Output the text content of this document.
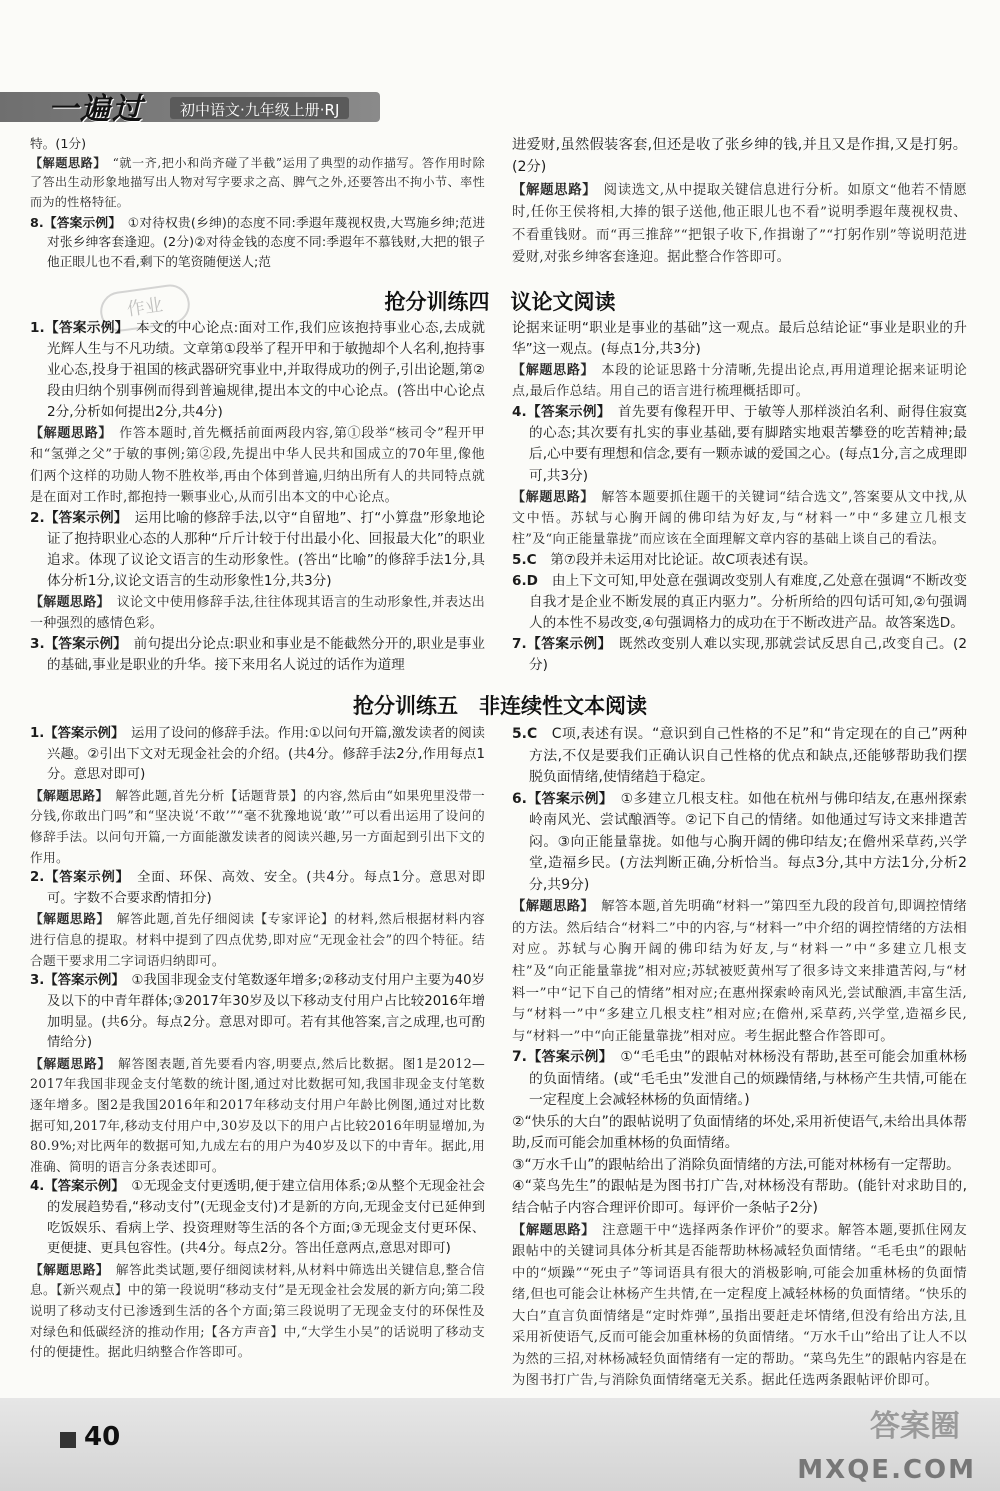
一遍过	初中语文·九年级上册·RJ
特。(1分)
【解题思路】　“就一齐,把小和尚齐碰了半截”运用了典型的动作描写。答作用时除了答出生动形象地描写出人物对写字要求之高、脾气之外,还要答出不拘小节、率性而为的性格特征。
8.【答案示例】　①对待权贵(乡绅)的态度不同:季遐年蔑视权贵,大骂施乡绅;范进对张乡绅客套逢迎。(2分)②对待金钱的态度不同:季遐年不慕钱财,大把的银子他正眼儿也不看,剩下的笔资随便送人;范
进爱财,虽然假装客套,但还是收了张乡绅的钱,并且又是作揖,又是打躬。(2分)
【解题思路】　阅读选文,从中提取关键信息进行分析。如原文“他若不情愿时,任你王侯将相,大捧的银子送他,他正眼儿也不看”说明季遐年蔑视权贵、不看重钱财。而“再三推辞”“把银子收下,作揖谢了”“打躬作别”等说明范进爱财,对张乡绅客套逢迎。据此整合作答即可。
抢分训练四　议论文阅读
作业
1.【答案示例】　本文的中心论点:面对工作,我们应该抱持事业心态,去成就光辉人生与不凡功绩。文章第①段举了程开甲和于敏抛却个人名利,抱持事业心态,投身于祖国的核武器研究事业中,并取得成功的例子,引出论题,第②段由归纳个别事例而得到普遍规律,提出本文的中心论点。(答出中心论点2分,分析如何提出2分,共4分)
【解题思路】　作答本题时,首先概括前面两段内容,第①段举“核司令”程开甲和“氢弹之父”于敏的事例;第②段,先提出中华人民共和国成立的70年里,像他们两个这样的功勋人物不胜枚举,再由个体到普遍,归纳出所有人的共同特点就是在面对工作时,都抱持一颗事业心,从而引出本文的中心论点。
2.【答案示例】　运用比喻的修辞手法,以守“自留地”、打“小算盘”形象地论证了抱持职业心态的人那种“斤斤计较于付出最小化、回报最大化”的职业追求。体现了议论文语言的生动形象性。(答出“比喻”的修辞手法1分,具体分析1分,议论文语言的生动形象性1分,共3分)
【解题思路】　议论文中使用修辞手法,往往体现其语言的生动形象性,并表达出一种强烈的感情色彩。
3.【答案示例】　前句提出分论点:职业和事业是不能截然分开的,职业是事业的基础,事业是职业的升华。接下来用名人说过的话作为道理
论据来证明“职业是事业的基础”这一观点。最后总结论证“事业是职业的升华”这一观点。(每点1分,共3分)
【解题思路】　本段的论证思路十分清晰,先提出论点,再用道理论据来证明论点,最后作总结。用自己的语言进行梳理概括即可。
4.【答案示例】　首先要有像程开甲、于敏等人那样淡泊名利、耐得住寂寞的心态;其次要有扎实的事业基础,要有脚踏实地艰苦攀登的吃苦精神;最后,心中要有理想和信念,要有一颗赤诚的爱国之心。(每点1分,言之成理即可,共3分)
【解题思路】　解答本题要抓住题干的关键词“结合选文”,答案要从文中找,从文中悟。苏轼与心胸开阔的佛印结为好友,与“材料一”中“多建立几根支柱”及“向正能量靠拢”而应该在全面理解文章内容的基础上谈自己的看法。
5.C　第⑦段并未运用对比论证。故C项表述有误。
6.D　由上下文可知,甲处意在强调改变别人有难度,乙处意在强调“不断改变自我才是企业不断发展的真正内驱力”。分析所给的四句话可知,②句强调人的本性不易改变,④句强调格力的成功在于不断改进产品。故答案选D。
7.【答案示例】　既然改变别人难以实现,那就尝试反思自己,改变自己。(2分)
抢分训练五　非连续性文本阅读
1.【答案示例】　运用了设问的修辞手法。作用:①以问句开篇,激发读者的阅读兴趣。②引出下文对无现金社会的介绍。(共4分。修辞手法2分,作用每点1分。意思对即可)
【解题思路】　解答此题,首先分析【话题背景】的内容,然后由“如果兜里没带一分钱,你敢出门吗”和“坚决说‘不敢’”“毫不犹豫地说‘敢’”可以看出运用了设问的修辞手法。以问句开篇,一方面能激发读者的阅读兴趣,另一方面起到引出下文的作用。
2.【答案示例】　全面、环保、高效、安全。(共4分。每点1分。意思对即可。字数不合要求酌情扣分)
【解题思路】　解答此题,首先仔细阅读【专家评论】的材料,然后根据材料内容进行信息的提取。材料中提到了四点优势,即对应“无现金社会”的四个特征。结合题干要求用二字词语归纳即可。
3.【答案示例】　①我国非现金支付笔数逐年增多;②移动支付用户主要为40岁及以下的中青年群体;③2017年30岁及以下移动支付用户占比较2016年增加明显。(共6分。每点2分。意思对即可。若有其他答案,言之成理,也可酌情给分)
【解题思路】　解答图表题,首先要看内容,明要点,然后比数据。图1是2012—2017年我国非现金支付笔数的统计图,通过对比数据可知,我国非现金支付笔数逐年增多。图2是我国2016年和2017年移动支付用户年龄比例图,通过对比数据可知,2017年,移动支付用户中,30岁及以下的用户占比较2016年明显增加,为80.9%;对比两年的数据可知,九成左右的用户为40岁及以下的中青年。据此,用准确、简明的语言分条表述即可。
4.【答案示例】　①无现金支付更透明,便于建立信用体系;②从整个无现金社会的发展趋势看,“移动支付”(无现金支付)才是新的方向,无现金支付已延伸到吃饭娱乐、看病上学、投资理财等生活的各个方面;③无现金支付更环保、更便捷、更具包容性。(共4分。每点2分。答出任意两点,意思对即可)
【解题思路】　解答此类试题,要仔细阅读材料,从材料中筛选出关键信息,整合信息。【新兴观点】中的第一段说明“移动支付”是无现金社会发展的新方向;第二段说明了移动支付已渗透到生活的各个方面;第三段说明了无现金支付的环保性及对绿色和低碳经济的推动作用;【各方声音】中,“大学生小吴”的话说明了移动支付的便捷性。据此归纳整合作答即可。
5.C　C项,表述有误。“意识到自己性格的不足”和“肯定现在的自己”两种方法,不仅是要我们正确认识自己性格的优点和缺点,还能够帮助我们摆脱负面情绪,使情绪趋于稳定。
6.【答案示例】　①多建立几根支柱。如他在杭州与佛印结友,在惠州探索岭南风光、尝试酿酒等。②记下自己的情绪。如他通过写诗文来排遣苦闷。③向正能量靠拢。如他与心胸开阔的佛印结友;在儋州采草药,兴学堂,造福乡民。(方法判断正确,分析恰当。每点3分,其中方法1分,分析2分,共9分)
【解题思路】　解答本题,首先明确“材料一”第四至九段的段首句,即调控情绪的方法。然后结合“材料二”中的内容,与“材料一”中介绍的调控情绪的方法相对应。苏轼与心胸开阔的佛印结为好友,与“材料一”中“多建立几根支柱”及“向正能量靠拢”相对应;苏轼被贬黄州写了很多诗文来排遣苦闷,与“材料一”中“记下自己的情绪”相对应;在惠州探索岭南风光,尝试酿酒,丰富生活,与“材料一”中“多建立几根支柱”相对应;在儋州,采草药,兴学堂,造福乡民,与“材料一”中“向正能量靠拢”相对应。考生据此整合作答即可。
7.【答案示例】　①“毛毛虫”的跟帖对林杨没有帮助,甚至可能会加重林杨的负面情绪。(或“毛毛虫”发泄自己的烦躁情绪,与林杨产生共情,可能在一定程度上会减轻林杨的负面情绪。)
②“快乐的大白”的跟帖说明了负面情绪的坏处,采用祈使语气,未给出具体帮助,反而可能会加重林杨的负面情绪。
③“万水千山”的跟帖给出了消除负面情绪的方法,可能对林杨有一定帮助。
④“菜鸟先生”的跟帖是为图书打广告,对林杨没有帮助。(能针对求助目的,结合帖子内容合理评价即可。每评价一条帖子2分)
【解题思路】　注意题干中“选择两条作评价”的要求。解答本题,要抓住网友跟帖中的关键词具体分析其是否能帮助林杨减轻负面情绪。“毛毛虫”的跟帖中的“烦躁”“死虫子”等词语具有很大的消极影响,可能会加重林杨的负面情绪,但也可能会让林杨产生共情,在一定程度上减轻林杨的负面情绪。“快乐的大白”直言负面情绪是“定时炸弹”,虽指出要赶走坏情绪,但没有给出方法,且采用祈使语气,反而可能会加重林杨的负面情绪。“万水千山”给出了让人不以为然的三招,对林杨减轻负面情绪有一定的帮助。“菜鸟先生”的跟帖内容是在为图书打广告,与消除负面情绪毫无关系。据此任选两条跟帖评价即可。
40	答案圈
MXQE.COM
